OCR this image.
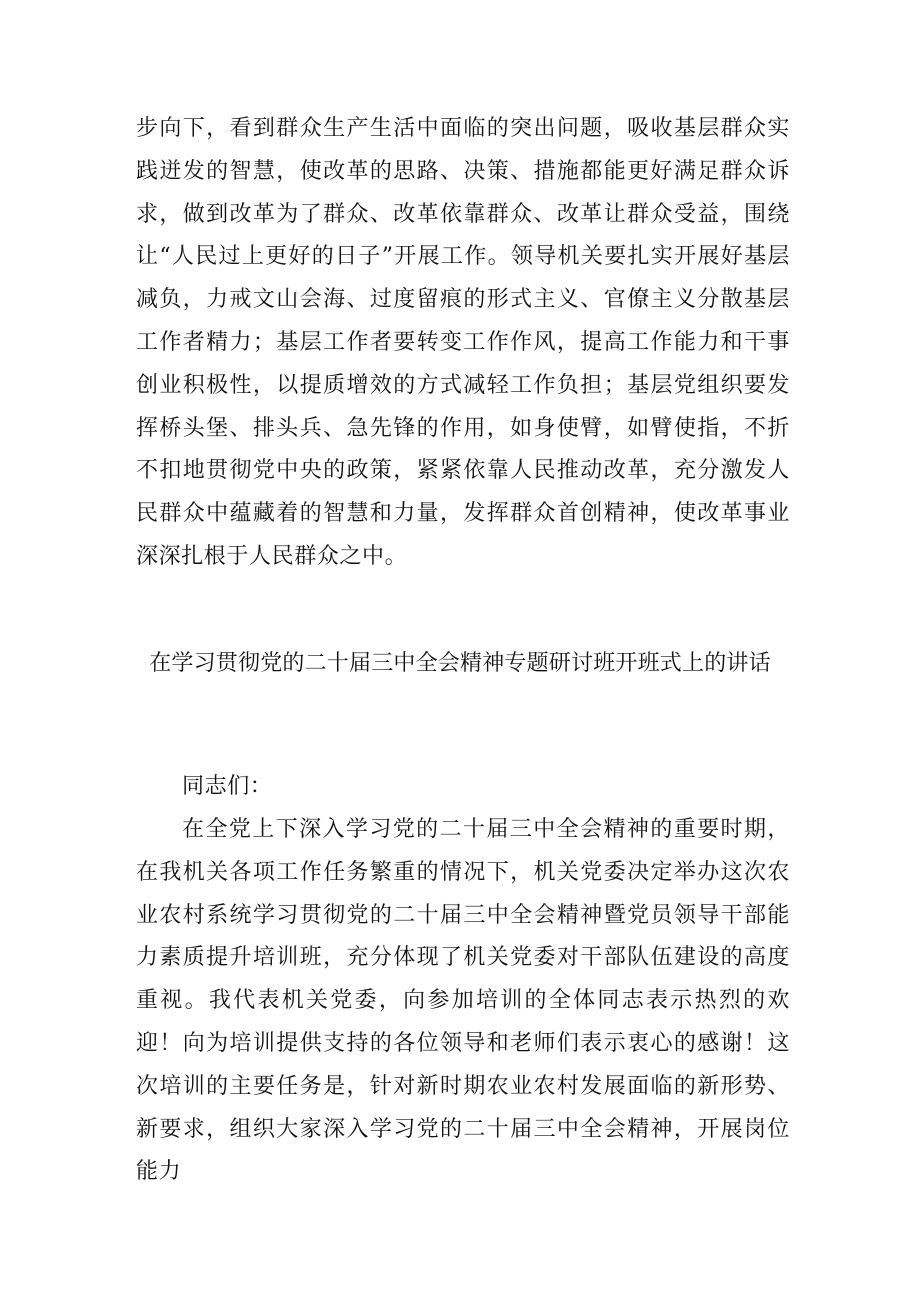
步向下，看到群众生产生活中面临的突出问题，吸收基层群众实践迸发的智慧，使改革的思路、决策、措施都能更好满足群众诉求，做到改革为了群众、改革依靠群众、改革让群众受益，围绕让“人民过上更好的日子”开展工作。领导机关要扎实开展好基层减负，力戒文山会海、过度留痕的形式主义、官僚主义分散基层工作者精力；基层工作者要转变工作作风，提高工作能力和干事创业积极性，以提质增效的方式减轻工作负担；基层党组织要发挥桥头堡、排头兵、急先锋的作用，如身使臂，如臂使指，不折不扣地贯彻党中央的政策，紧紧依靠人民推动改革，充分激发人民群众中蕴藏着的智慧和力量，发挥群众首创精神，使改革事业深深扎根于人民群众之中。

在学习贯彻党的二十届三中全会精神专题研讨班开班式上的讲话

同志们：

在全党上下深入学习党的二十届三中全会精神的重要时期，在我机关各项工作任务繁重的情况下，机关党委决定举办这次农业农村系统学习贯彻党的二十届三中全会精神暨党员领导干部能力素质提升培训班，充分体现了机关党委对干部队伍建设的高度重视。我代表机关党委，向参加培训的全体同志表示热烈的欢迎！向为培训提供支持的各位领导和老师们表示衷心的感谢！这次培训的主要任务是，针对新时期农业农村发展面临的新形势、新要求，组织大家深入学习党的二十届三中全会精神，开展岗位能力
